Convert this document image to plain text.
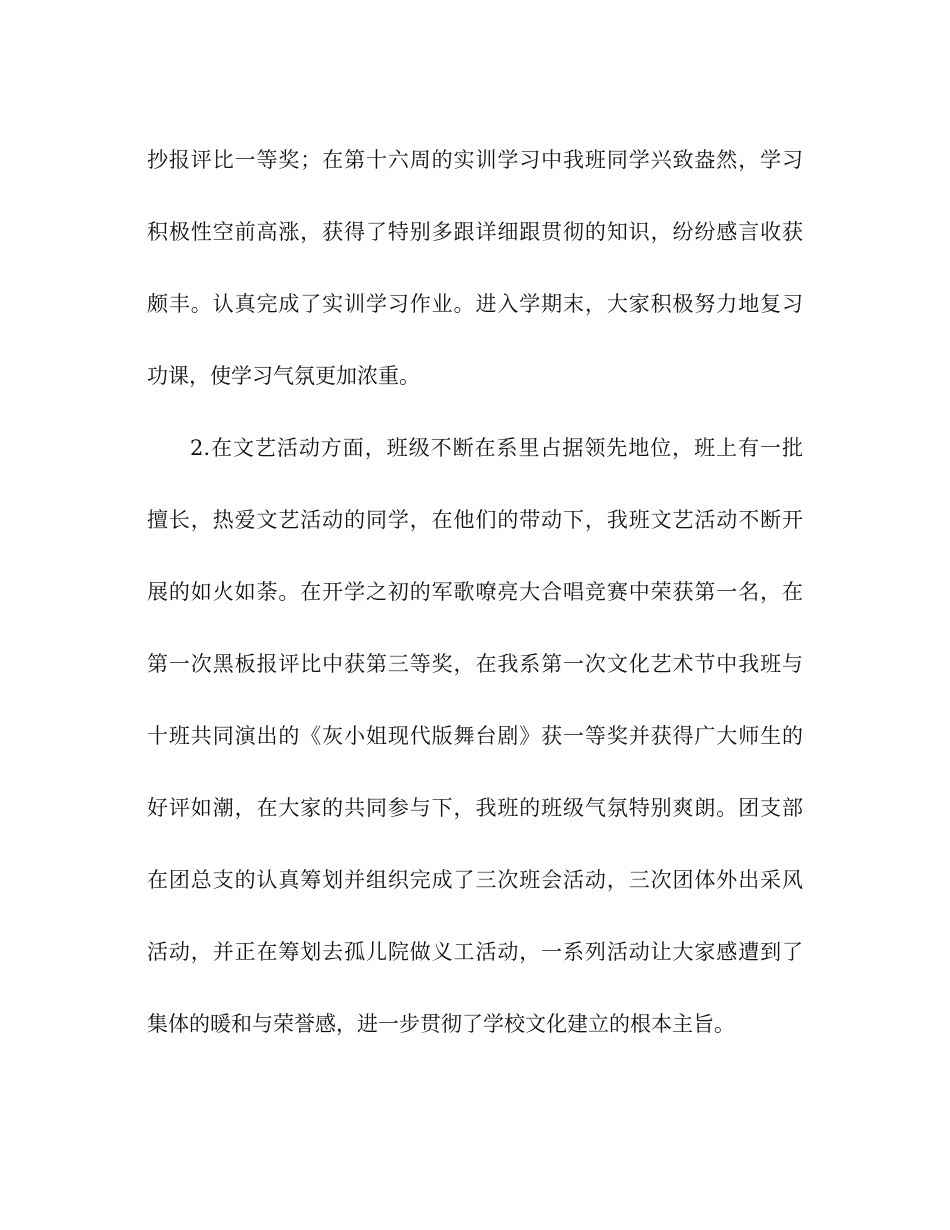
抄报评比一等奖；在第十六周的实训学习中我班同学兴致盎然，学习

积极性空前高涨，获得了特别多跟详细跟贯彻的知识，纷纷感言收获

颇丰。认真完成了实训学习作业。进入学期末，大家积极努力地复习

功课，使学习气氛更加浓重。

2.在文艺活动方面，班级不断在系里占据领先地位，班上有一批

擅长，热爱文艺活动的同学，在他们的带动下，我班文艺活动不断开

展的如火如荼。在开学之初的军歌嘹亮大合唱竞赛中荣获第一名，在

第一次黑板报评比中获第三等奖，在我系第一次文化艺术节中我班与

十班共同演出的《灰小姐现代版舞台剧》获一等奖并获得广大师生的

好评如潮，在大家的共同参与下，我班的班级气氛特别爽朗。团支部

在团总支的认真筹划并组织完成了三次班会活动，三次团体外出采风

活动，并正在筹划去孤儿院做义工活动，一系列活动让大家感遭到了

集体的暖和与荣誉感，进一步贯彻了学校文化建立的根本主旨。
